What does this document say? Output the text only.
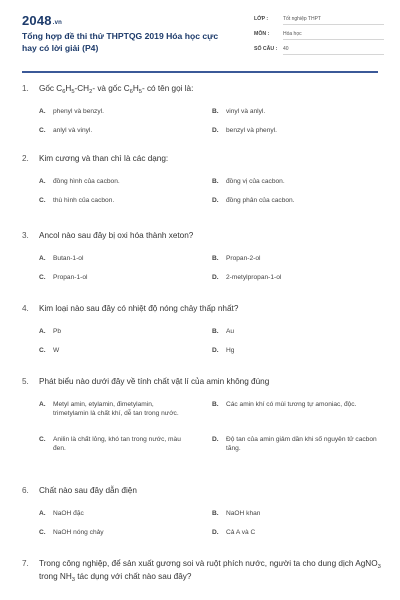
2048.vn
Tổng hợp đề thi thử THPTQG 2019 Hóa học cực hay có lời giải (P4)
LỚP :	Tốt nghiệp THPT
MÔN :	Hóa học
SỐ CÂU : 40
1. Gốc $C_6H_5-CH_2-$ và gốc $C_6H_5-$ có tên gọi là:
A. phenyl và benzyl.	B. vinyl và anlyl.
C. anlyl và vinyl.	D. benzyl và phenyl.
2. Kim cương và than chì là các dạng:
A. đồng hình của cacbon.	B. đồng vị của cacbon.
C. thù hình của cacbon.	D. đồng phân của cacbon.
3. Ancol nào sau đây bị oxi hóa thành xeton?
A. Butan-1-ol	B. Propan-2-ol
C. Propan-1-ol	D. 2-metylpropan-1-ol
4. Kim loại nào sau đây có nhiệt độ nóng chảy thấp nhất?
A. Pb	B. Au
C. W	D. Hg
5. Phát biểu nào dưới đây về tính chất vật lí của amin không đúng
A. Metyl amin, etylamin, đimetylamin, trimetylamin là chất khí, dễ tan trong nước.
B. Các amin khí có mùi tương tự amoniac, độc.
C. Anilin là chất lỏng, khó tan trong nước, màu đen.
D. Độ tan của amin giảm dần khi số nguyên tử cacbon tăng.
6. Chất nào sau đây dẫn điện
A. NaOH đặc	B. NaOH khan
C. NaOH nóng chảy	D. Cả A và C
7. Trong công nghiệp, để sản xuất gương soi và ruột phích nước, người ta cho dung dịch AgNO$_3$ trong $NH_3$ tác dụng với chất nào sau đây?
